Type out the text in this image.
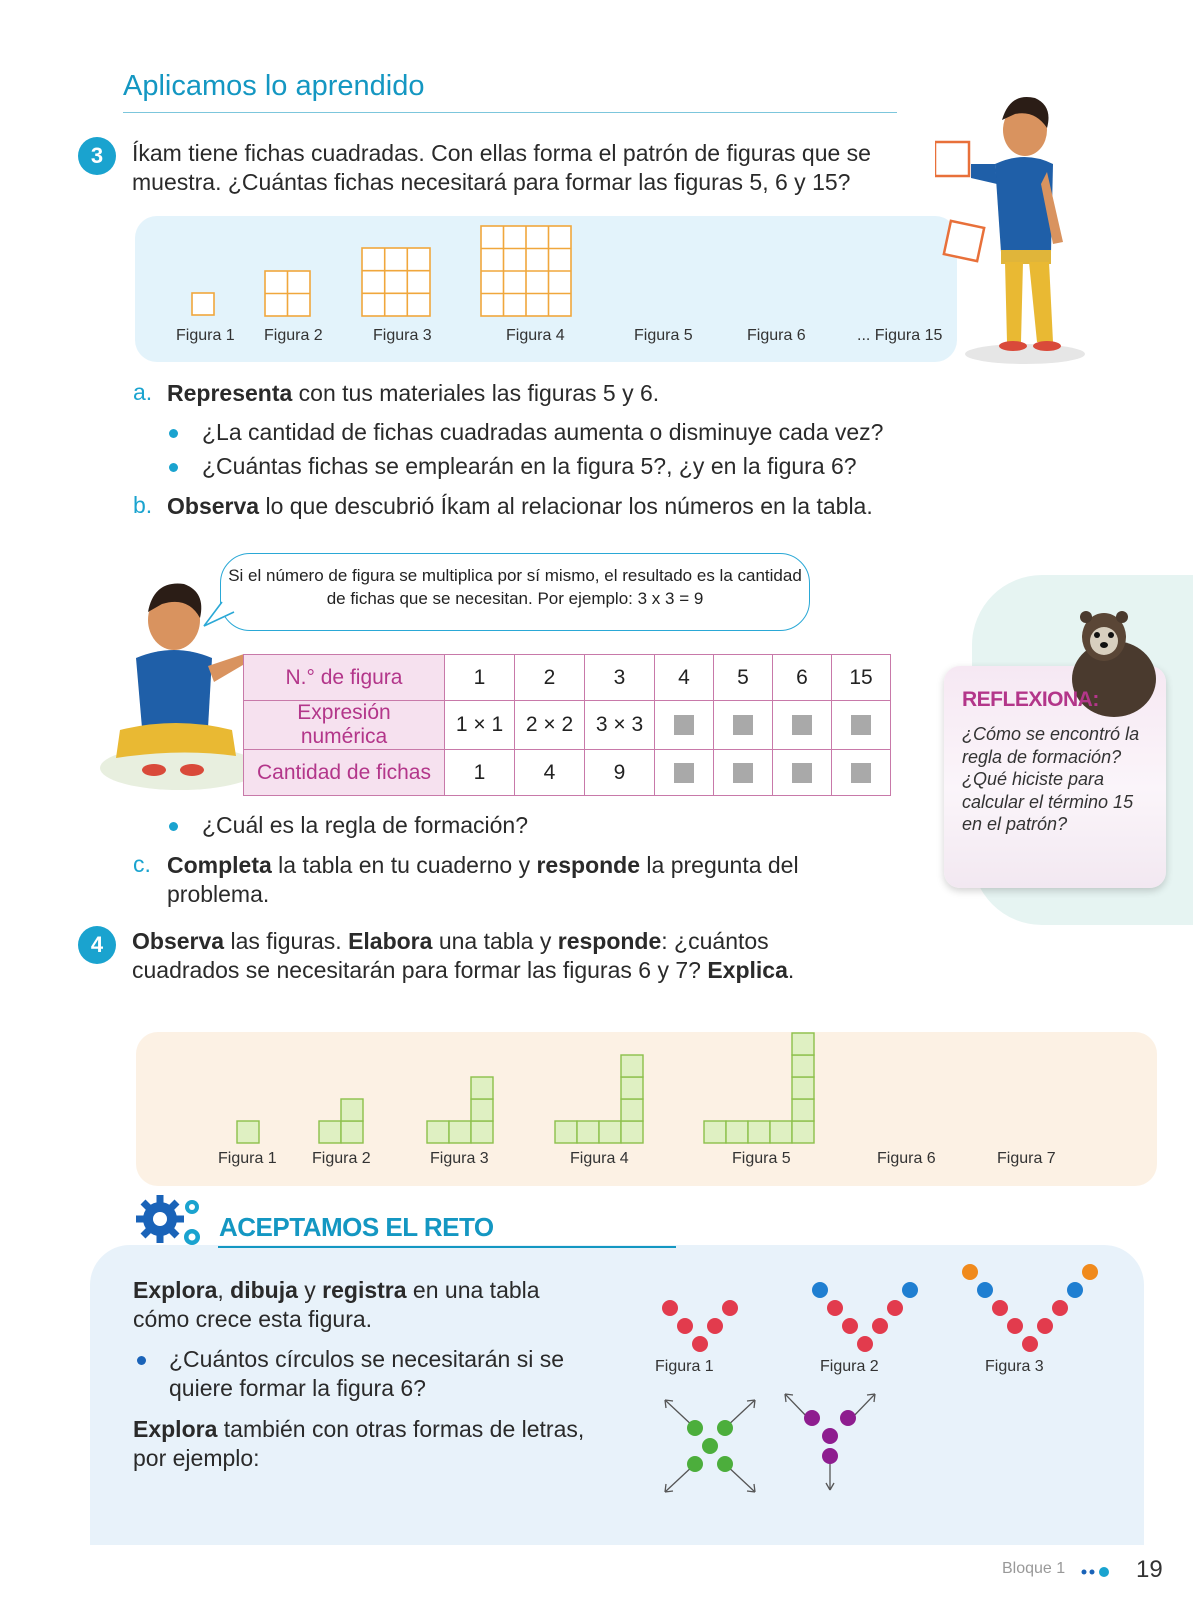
Aplicamos lo aprendido
3	Íkam tiene fichas cuadradas. Con ellas forma el patrón de figuras que se muestra. ¿Cuántas fichas necesitará para formar las figuras 5, 6 y 15?
Figura 1 Figura 2	Figura 3	Figura 4	Figura 5	Figura 6	... Figura 15
a. Representa con tus materiales las figuras 5 y 6.
¿La cantidad de fichas cuadradas aumenta o disminuye cada vez?
¿Cuántas fichas se emplearán en la figura 5?, ¿y en la figura 6?
b. Observa lo que descubrió Íkam al relacionar los números en la tabla.
Si el número de figura se multiplica por sí mismo, el resultado es la cantidad de fichas que se necesitan. Por ejemplo: 3 x 3 = 9
N.° de figura	1	2	3	4	5	6	15
Expresión numérica	1 × 1	2 × 2	3 × 3				
Cantidad de fichas	1	4	9				
¿Cuál es la regla de formación?
c. Completa la tabla en tu cuaderno y responde la pregunta del problema.
REFLEXIONA:
¿Cómo se encontró la regla de formación? ¿Qué hiciste para calcular el término 15 en el patrón?
4	Observa las figuras. Elabora una tabla y responde: ¿cuántos cuadrados se necesitarán para formar las figuras 6 y 7? Explica.
Figura 1 Figura 2	Figura 3	Figura 4	Figura 5	Figura 6	Figura 7
ACEPTAMOS EL RETO
Explora, dibuja y registra en una tabla cómo crece esta figura.
¿Cuántos círculos se necesitarán si se quiere formar la figura 6?
Explora también con otras formas de letras, por ejemplo:
Figura 1	Figura 2	Figura 3
Bloque 1	19
